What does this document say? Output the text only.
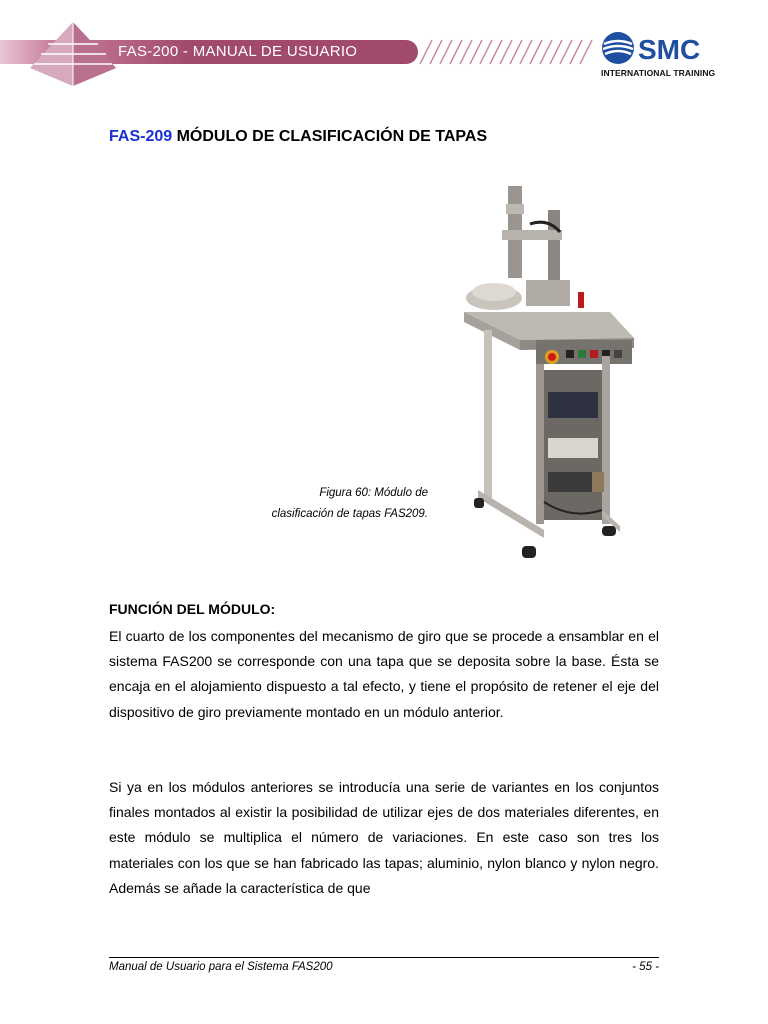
FAS-200 - MANUAL DE USUARIO	SMC
INTERNATIONAL TRAINING
FAS-209 MÓDULO DE CLASIFICACIÓN DE TAPAS
Figura 60: Módulo de
clasificación de tapas FAS209.
FUNCIÓN DEL MÓDULO:
El cuarto de los componentes del mecanismo de giro que se procede a ensamblar en el sistema FAS200 se corresponde con una tapa que se deposita sobre la base. Ésta se encaja en el alojamiento dispuesto a tal efecto, y tiene el propósito de retener el eje del dispositivo de giro previamente montado en un módulo anterior.
Si ya en los módulos anteriores se introducía una serie de variantes en los conjuntos finales montados al existir la posibilidad de utilizar ejes de dos materiales diferentes, en este módulo se multiplica el número de variaciones. En este caso son tres los materiales con los que se han fabricado las tapas; aluminio, nylon blanco y nylon negro. Además se añade la característica de que
Manual de Usuario para el Sistema FAS200	- 55 -
